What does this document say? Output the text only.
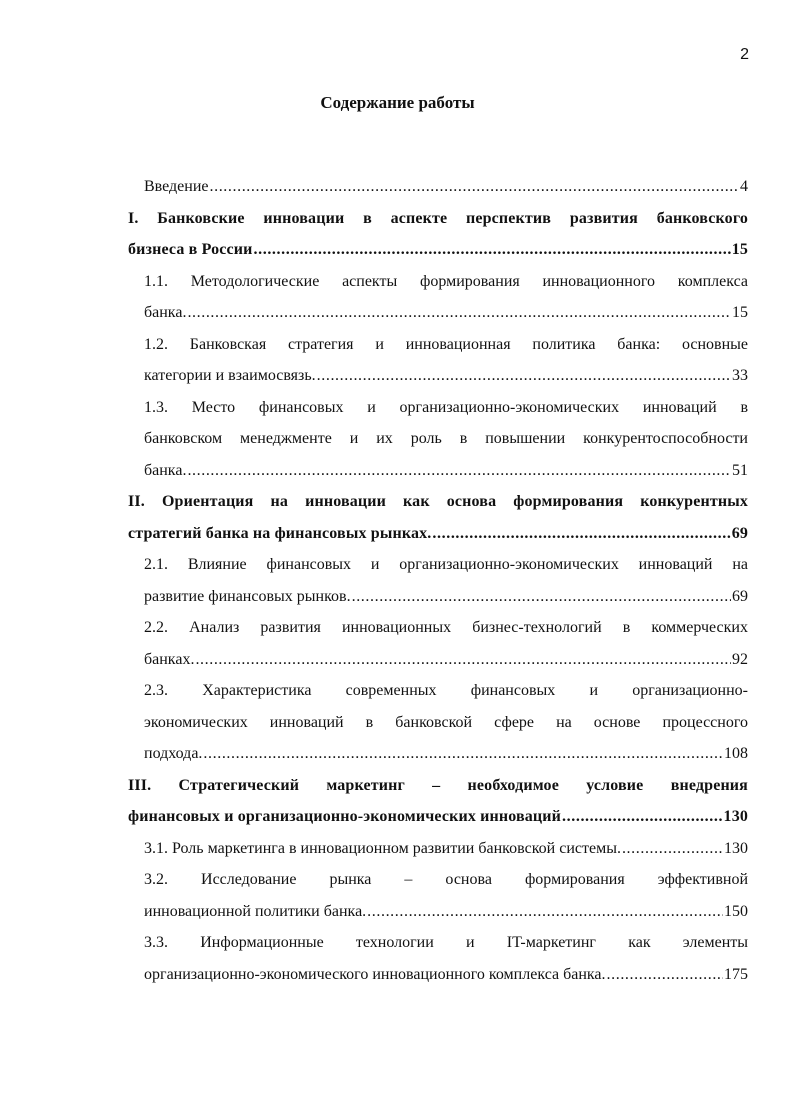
2
Содержание работы
Введение .....	4
I. Банковские инновации в аспекте перспектив развития банковского
бизнеса в России .....	15
1.1. Методологические аспекты формирования инновационного комплекса
банка. .....	15
1.2. Банковская стратегия и инновационная политика банка: основные
категории и взаимосвязь. .....	33
1.3. Место финансовых и организационно-экономических инноваций в
банковском менеджменте и их роль в повышении конкурентоспособности
банка. .....	51
II. Ориентация на инновации как основа формирования конкурентных
стратегий банка на финансовых рынках. .....	69
2.1. Влияние финансовых и организационно-экономических инноваций на
развитие финансовых рынков. .....	69
2.2. Анализ развития инновационных бизнес-технологий в коммерческих
банках. .....	92
2.3. Характеристика современных финансовых и организационно-
экономических инноваций в банковской сфере на основе процессного
подхода. .....	108
III. Стратегический маркетинг – необходимое условие внедрения
финансовых и организационно-экономических инноваций .....	130
3.1. Роль маркетинга в инновационном развитии банковской системы. .....	130
3.2. Исследование рынка – основа формирования эффективной
инновационной политики банка. .....	150
3.3. Информационные технологии и IT-маркетинг как элементы
организационно-экономического инновационного комплекса банка. .....	175
